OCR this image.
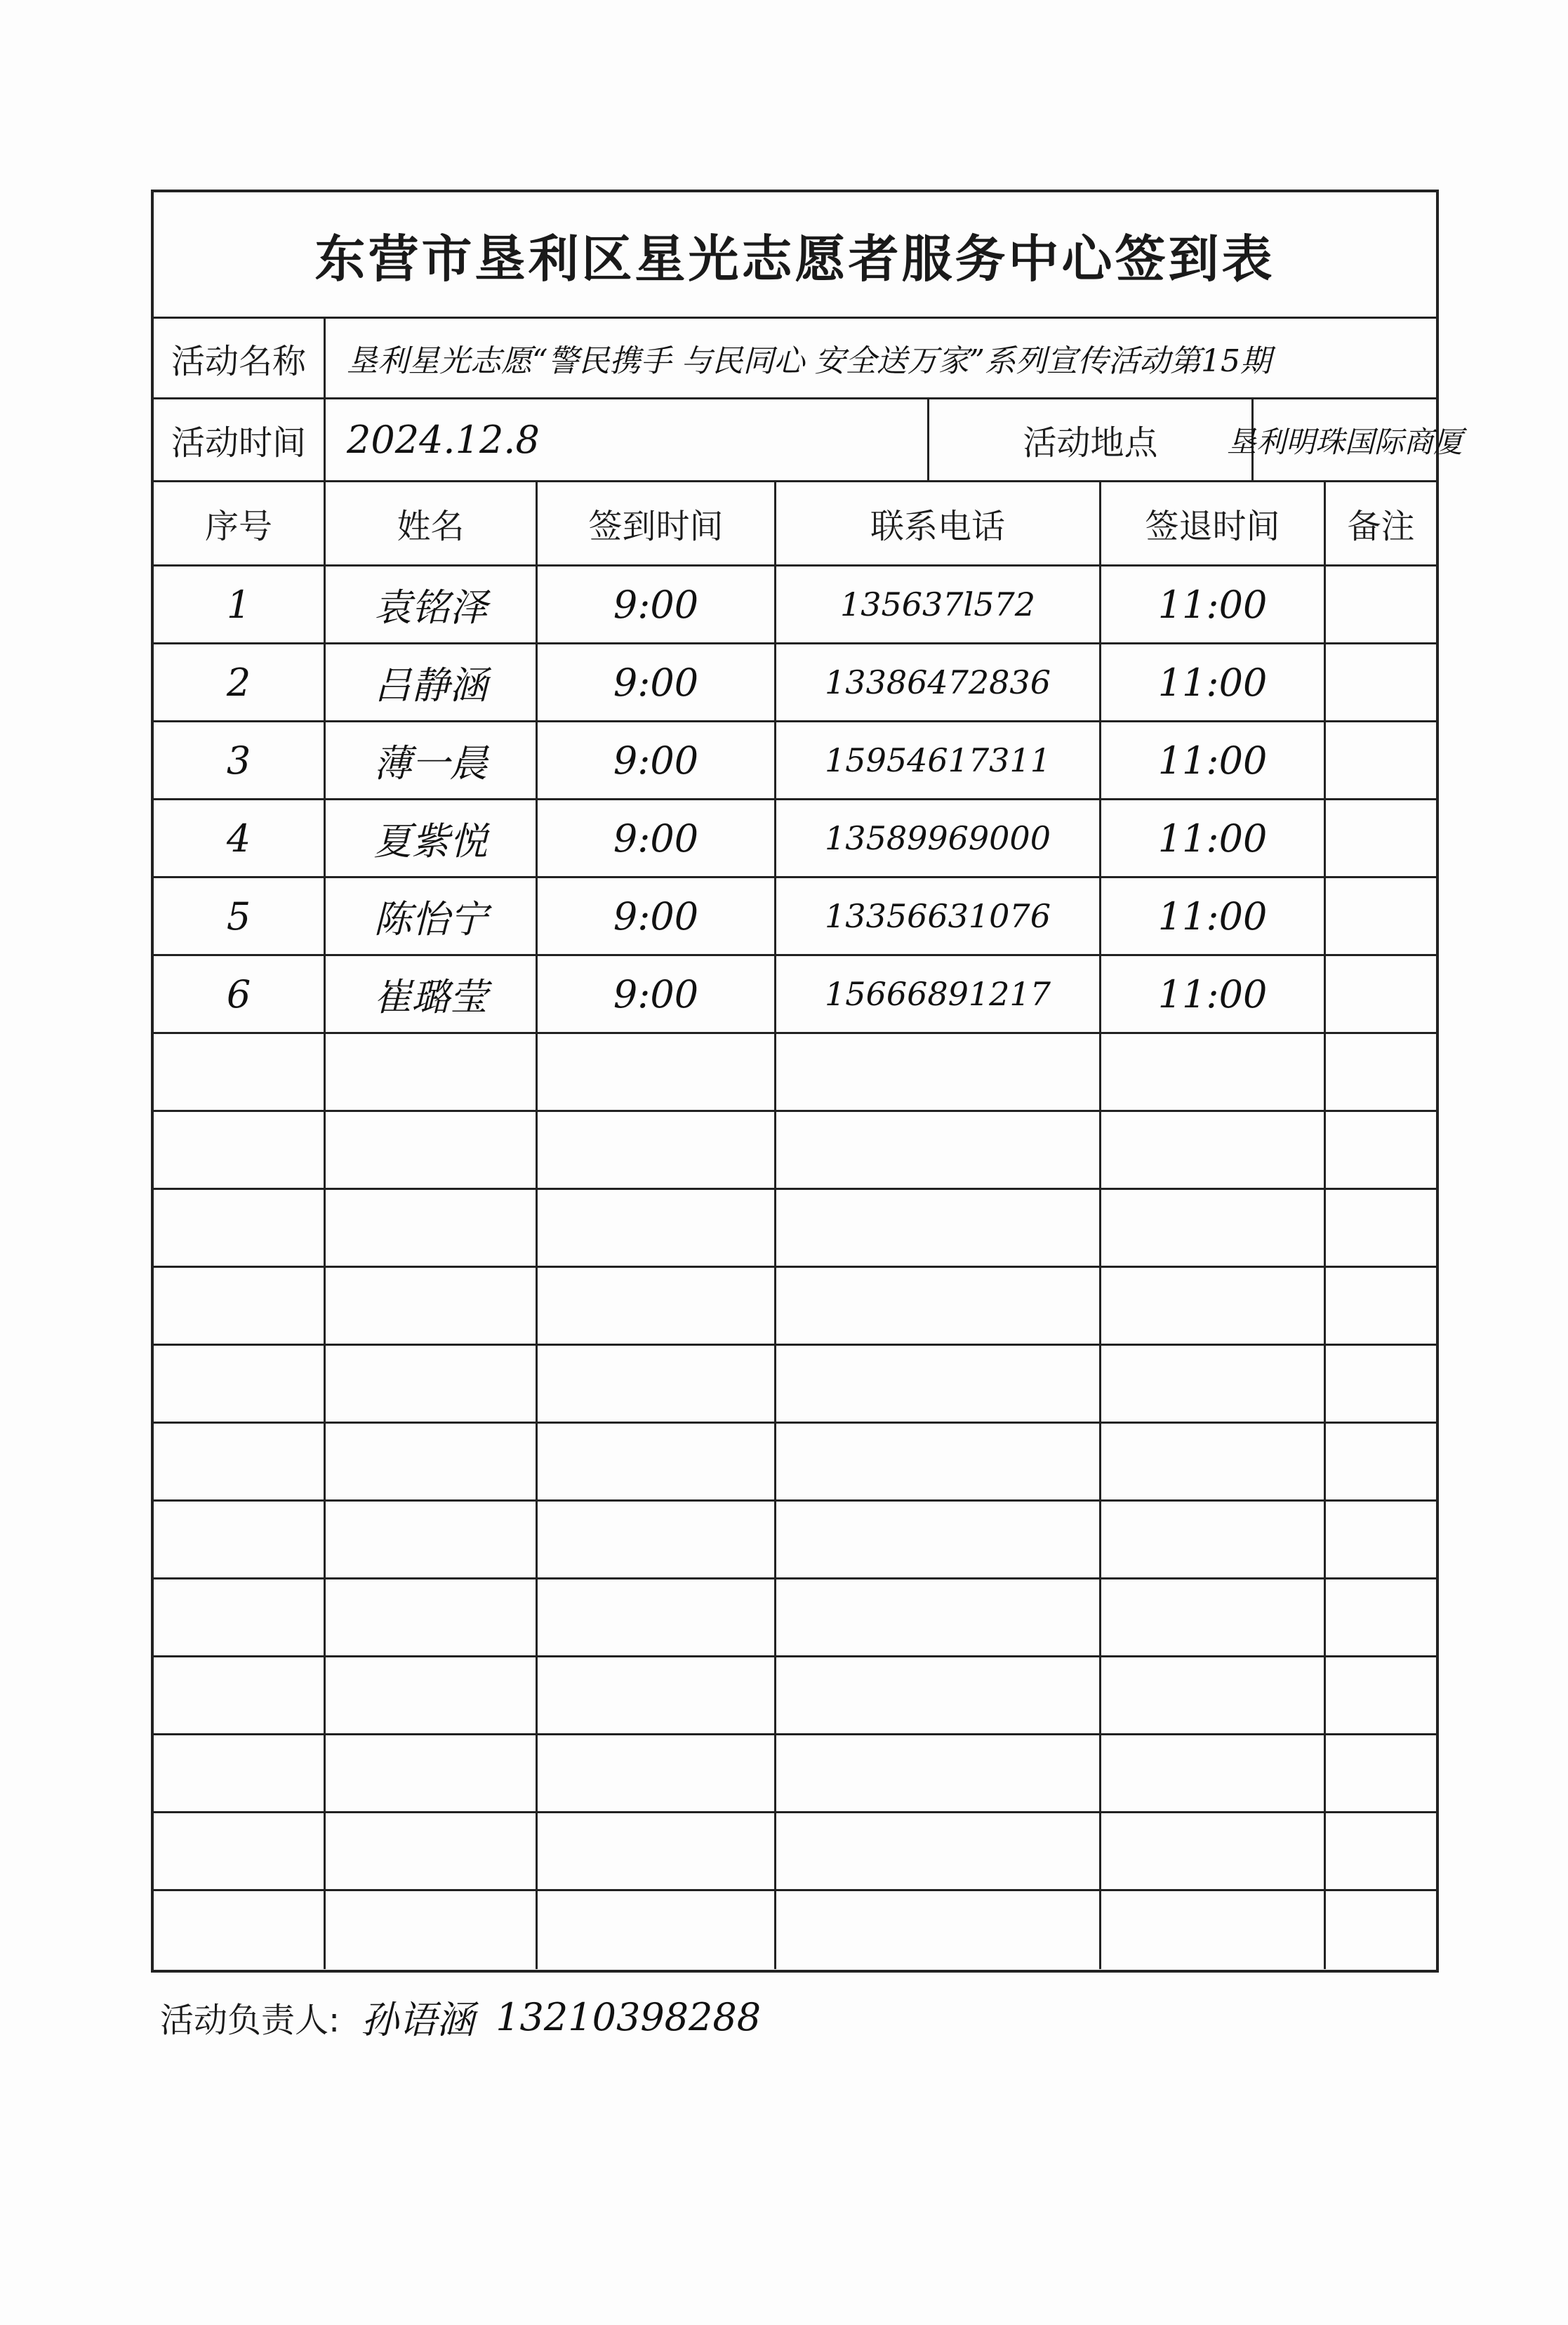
东营市垦利区星光志愿者服务中心签到表
活动名称	垦利星光志愿“警民携手 与民同心 安全送万家”系列宣传活动第15期
活动时间	2024.12.8	活动地点	垦利明珠国际商厦
序号	姓名	签到时间	联系电话	签退时间	备注
1	袁铭泽	9:00	135637l572	11:00
2	吕静涵	9:00	13386472836	11:00
3	薄一晨	9:00	15954617311	11:00
4	夏紫悦	9:00	13589969000	11:00
5	陈怡宁	9:00	13356631076	11:00
6	崔璐莹	9:00	15666891217	11:00
活动负责人: 孙语涵 13210398288
